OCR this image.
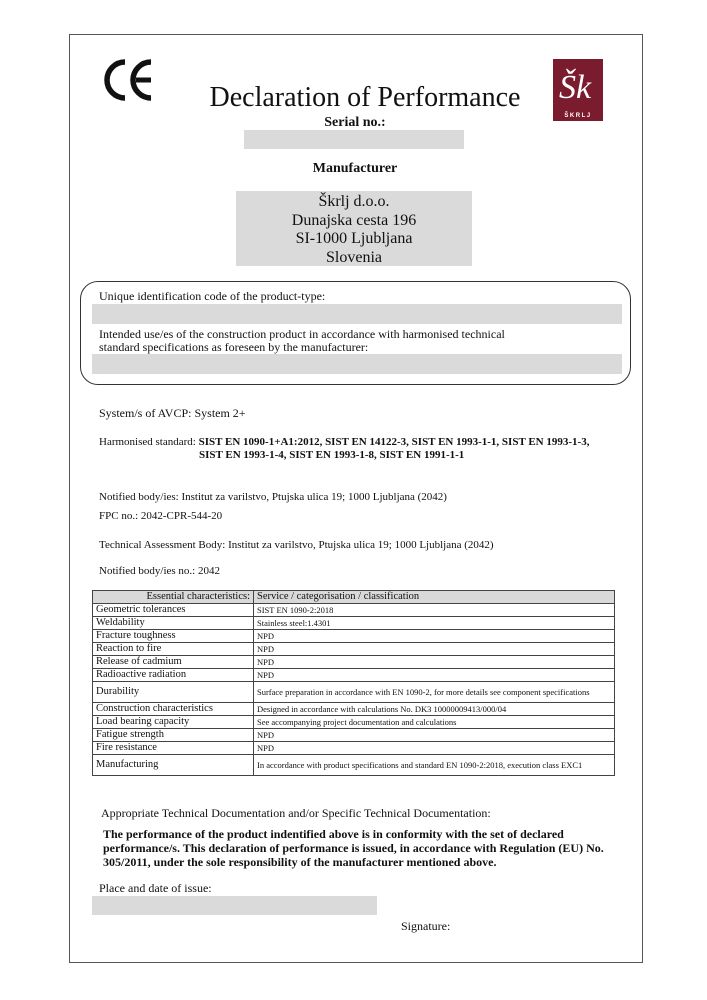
Šk
ŠKRLJ
Declaration of Performance
Serial no.:
Manufacturer
Škrlj d.o.o.
Dunajska cesta 196
SI-1000 Ljubljana
Slovenia
Unique identification code of the product-type:
Intended use/es of the construction product in accordance with harmonised technical standard specifications as foreseen by the manufacturer:
System/s of AVCP: System 2+
Harmonised standard: SIST EN 1090-1+A1:2012, SIST EN 14122-3, SIST EN 1993-1-1, SIST EN 1993-1-3,
SIST EN 1993-1-4, SIST EN 1993-1-8, SIST EN 1991-1-1
Notified body/ies: Institut za varilstvo, Ptujska ulica 19; 1000 Ljubljana (2042)
FPC no.: 2042-CPR-544-20
Technical Assessment Body: Institut za varilstvo, Ptujska ulica 19; 1000 Ljubljana (2042)
Notified body/ies no.: 2042
Essential characteristics:	Service / categorisation / classification
Geometric tolerances	SIST EN 1090-2:2018
Weldability	Stainless steel:1.4301
Fracture toughness	NPD
Reaction to fire	NPD
Release of cadmium	NPD
Radioactive radiation	NPD
Durability	Surface preparation in accordance with EN 1090-2, for more details see component specifications
Construction characteristics	Designed in accordance with calculations No. DK3 10000009413/000/04
Load bearing capacity	See accompanying project documentation and calculations
Fatigue strength	NPD
Fire resistance	NPD
Manufacturing	In accordance with product specifications and standard EN 1090-2:2018, execution class EXC1
Appropriate Technical Documentation and/or Specific Technical Documentation:
The performance of the product indentified above is in conformity with the set of declared performance/s. This declaration of performance is issued, in accordance with Regulation (EU) No. 305/2011, under the sole responsibility of the manufacturer mentioned above.
Place and date of issue:
Signature:
